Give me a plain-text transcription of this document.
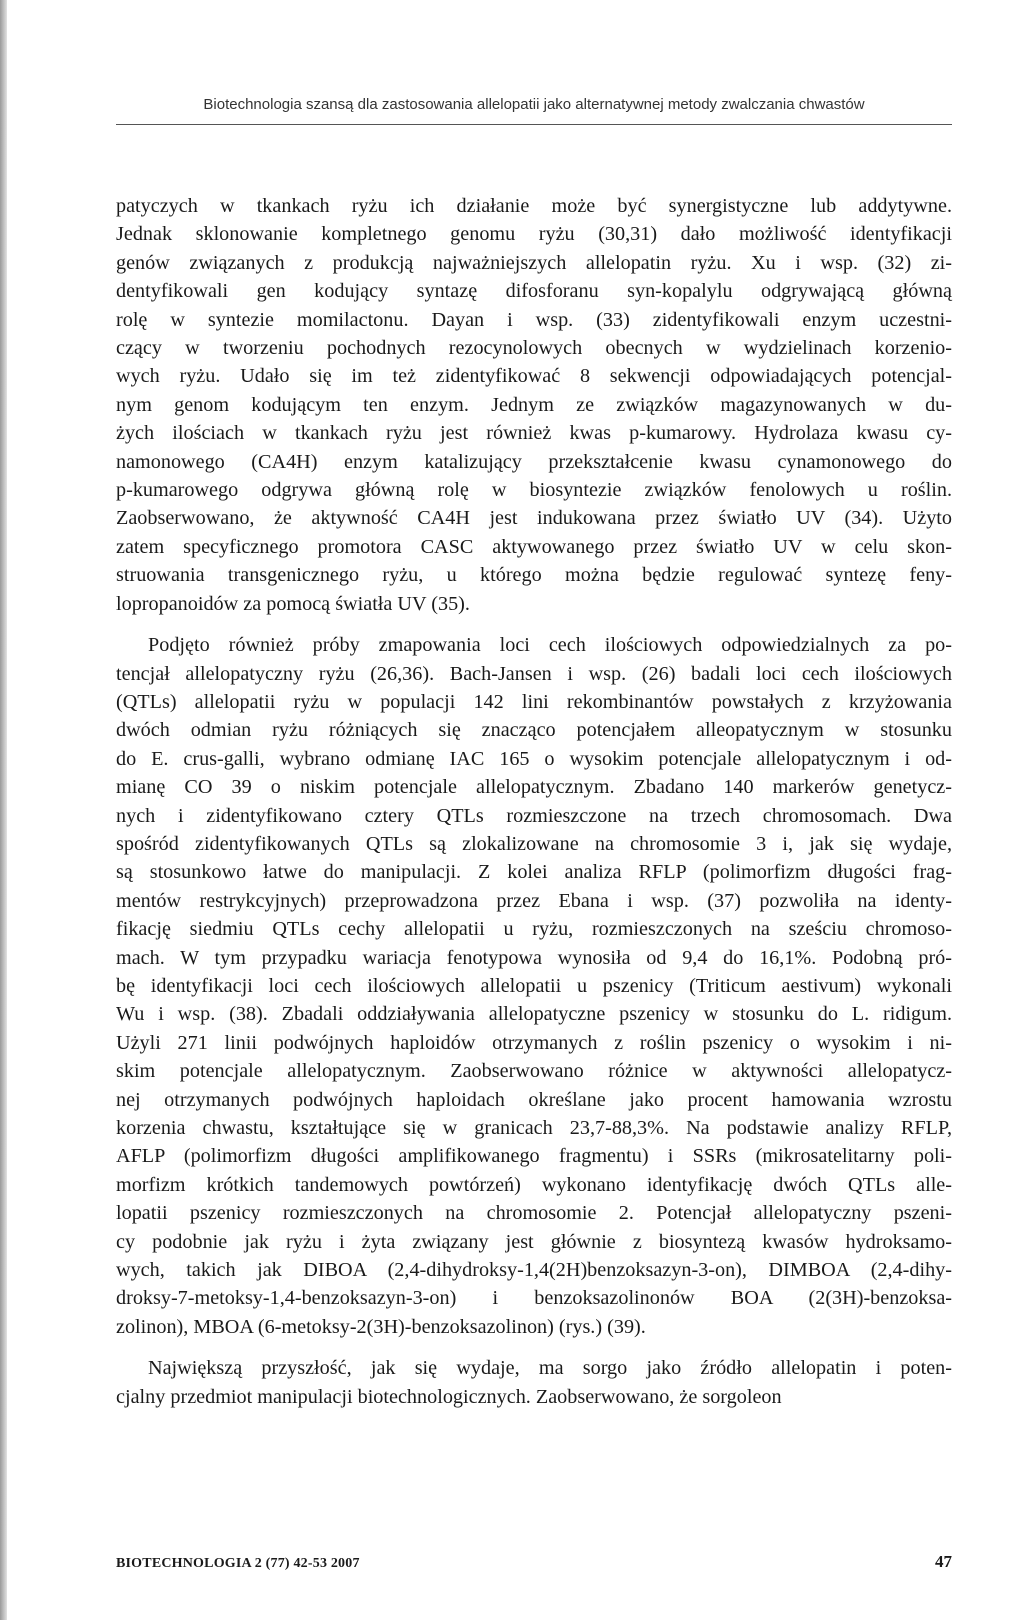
Biotechnologia szansą dla zastosowania allelopatii jako alternatywnej metody zwalczania chwastów

patyczych w tkankach ryżu ich działanie może być synergistyczne lub addytywne.
Jednak sklonowanie kompletnego genomu ryżu (30,31) dało możliwość identyfikacji
genów związanych z produkcją najważniejszych allelopatin ryżu. Xu i wsp. (32) zi-
dentyfikowali gen kodujący syntazę difosforanu syn-kopalylu odgrywającą główną
rolę w syntezie momilactonu. Dayan i wsp. (33) zidentyfikowali enzym uczestni-
czący w tworzeniu pochodnych rezocynolowych obecnych w wydzielinach korzenio-
wych ryżu. Udało się im też zidentyfikować 8 sekwencji odpowiadających potencjal-
nym genom kodującym ten enzym. Jednym ze związków magazynowanych w du-
żych ilościach w tkankach ryżu jest również kwas p-kumarowy. Hydrolaza kwasu cy-
namonowego (CA4H) enzym katalizujący przekształcenie kwasu cynamonowego do
p-kumarowego odgrywa główną rolę w biosyntezie związków fenolowych u roślin.
Zaobserwowano, że aktywność CA4H jest indukowana przez światło UV (34). Użyto
zatem specyficznego promotora CASC aktywowanego przez światło UV w celu skon-
struowania transgenicznego ryżu, u którego można będzie regulować syntezę feny-
lopropanoidów za pomocą światła UV (35).

Podjęto również próby zmapowania loci cech ilościowych odpowiedzialnych za po-
tencjał allelopatyczny ryżu (26,36). Bach-Jansen i wsp. (26) badali loci cech ilościowych
(QTLs) allelopatii ryżu w populacji 142 lini rekombinantów powstałych z krzyżowania
dwóch odmian ryżu różniących się znacząco potencjałem alleopatycznym w stosunku
do E. crus-galli, wybrano odmianę IAC 165 o wysokim potencjale allelopatycznym i od-
mianę CO 39 o niskim potencjale allelopatycznym. Zbadano 140 markerów genetycz-
nych i zidentyfikowano cztery QTLs rozmieszczone na trzech chromosomach. Dwa
spośród zidentyfikowanych QTLs są zlokalizowane na chromosomie 3 i, jak się wydaje,
są stosunkowo łatwe do manipulacji. Z kolei analiza RFLP (polimorfizm długości frag-
mentów restrykcyjnych) przeprowadzona przez Ebana i wsp. (37) pozwoliła na identy-
fikację siedmiu QTLs cechy allelopatii u ryżu, rozmieszczonych na sześciu chromoso-
mach. W tym przypadku wariacja fenotypowa wynosiła od 9,4 do 16,1%. Podobną pró-
bę identyfikacji loci cech ilościowych allelopatii u pszenicy (Triticum aestivum) wykonali
Wu i wsp. (38). Zbadali oddziaływania allelopatyczne pszenicy w stosunku do L. ridigum.
Użyli 271 linii podwójnych haploidów otrzymanych z roślin pszenicy o wysokim i ni-
skim potencjale allelopatycznym. Zaobserwowano różnice w aktywności allelopatycz-
nej otrzymanych podwójnych haploidach określane jako procent hamowania wzrostu
korzenia chwastu, kształtujące się w granicach 23,7-88,3%. Na podstawie analizy RFLP,
AFLP (polimorfizm długości amplifikowanego fragmentu) i SSRs (mikrosatelitarny poli-
morfizm krótkich tandemowych powtórzeń) wykonano identyfikację dwóch QTLs alle-
lopatii pszenicy rozmieszczonych na chromosomie 2. Potencjał allelopatyczny pszeni-
cy podobnie jak ryżu i żyta związany jest głównie z biosyntezą kwasów hydroksamo-
wych, takich jak DIBOA (2,4-dihydroksy-1,4(2H)benzoksazyn-3-on), DIMBOA (2,4-dihy-
droksy-7-metoksy-1,4-benzoksazyn-3-on) i benzoksazolinonów BOA (2(3H)-benzoksa-
zolinon), MBOA (6-metoksy-2(3H)-benzoksazolinon) (rys.) (39).

Największą przyszłość, jak się wydaje, ma sorgo jako źródło allelopatin i poten-
cjalny przedmiot manipulacji biotechnologicznych. Zaobserwowano, że sorgoleon

BIOTECHNOLOGIA 2 (77) 42-53 2007	47
